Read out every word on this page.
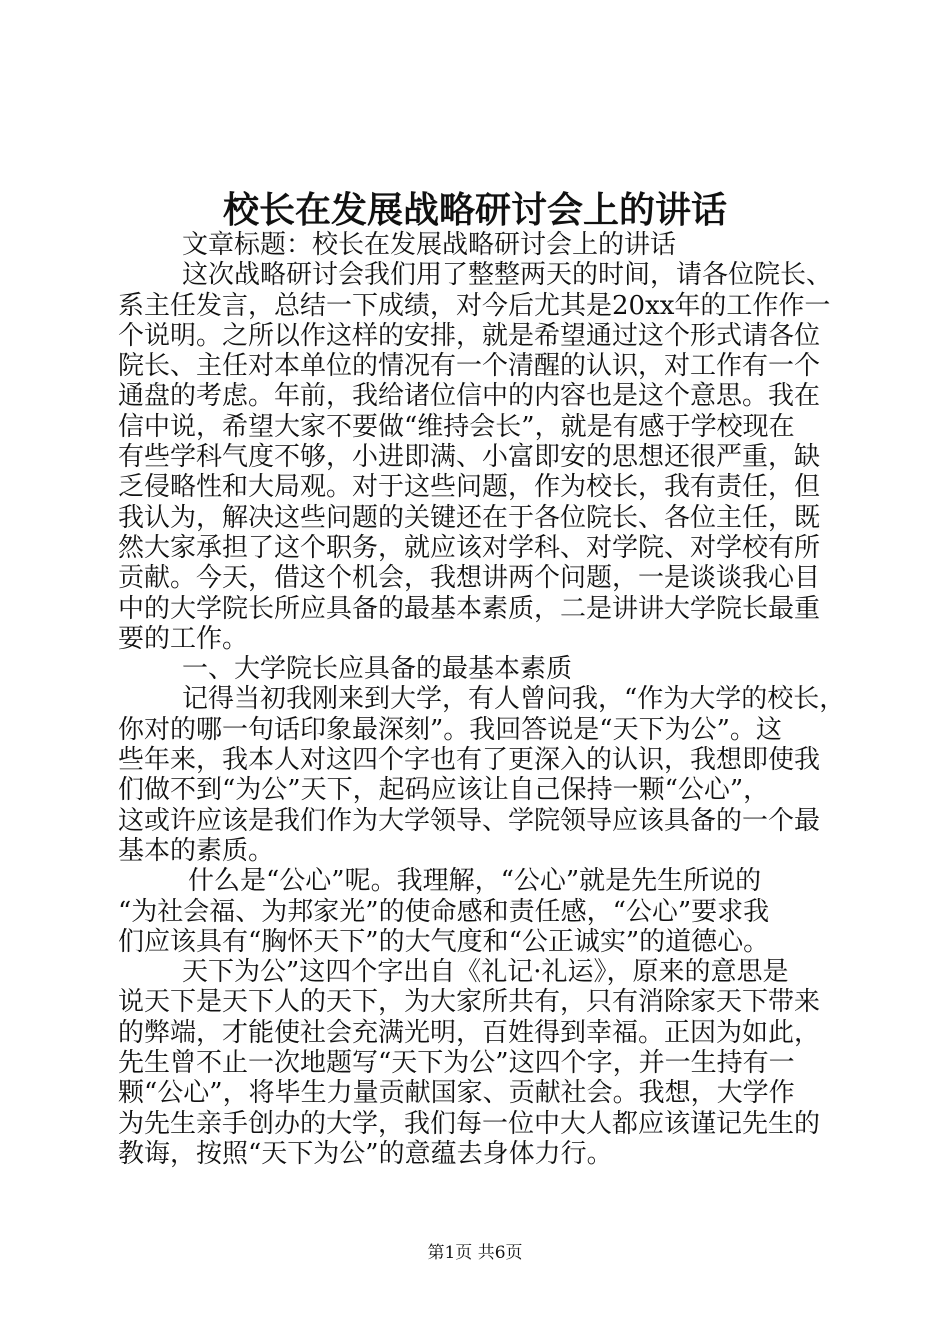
校长在发展战略研讨会上的讲话
文章标题：校长在发展战略研讨会上的讲话
这次战略研讨会我们用了整整两天的时间，请各位院长、
系主任发言，总结一下成绩，对今后尤其是20xx年的工作作一
个说明。之所以作这样的安排，就是希望通过这个形式请各位
院长、主任对本单位的情况有一个清醒的认识，对工作有一个
通盘的考虑。年前，我给诸位信中的内容也是这个意思。我在
信中说，希望大家不要做“维持会长”，就是有感于学校现在
有些学科气度不够，小进即满、小富即安的思想还很严重，缺
乏侵略性和大局观。对于这些问题，作为校长，我有责任，但
我认为，解决这些问题的关键还在于各位院长、各位主任，既
然大家承担了这个职务，就应该对学科、对学院、对学校有所
贡献。今天，借这个机会，我想讲两个问题，一是谈谈我心目
中的大学院长所应具备的最基本素质，二是讲讲大学院长最重
要的工作。
一、大学院长应具备的最基本素质
记得当初我刚来到大学，有人曾问我，“作为大学的校长，
你对的哪一句话印象最深刻”。我回答说是“天下为公”。这
些年来，我本人对这四个字也有了更深入的认识，我想即使我
们做不到“为公”天下，起码应该让自己保持一颗“公心”，
这或许应该是我们作为大学领导、学院领导应该具备的一个最
基本的素质。
什么是“公心”呢。我理解，“公心”就是先生所说的
“为社会福、为邦家光”的使命感和责任感，“公心”要求我
们应该具有“胸怀天下”的大气度和“公正诚实”的道德心。
天下为公”这四个字出自《礼记·礼运》，原来的意思是
说天下是天下人的天下，为大家所共有，只有消除家天下带来
的弊端，才能使社会充满光明，百姓得到幸福。正因为如此，
先生曾不止一次地题写“天下为公”这四个字，并一生持有一
颗“公心”，将毕生力量贡献国家、贡献社会。我想，大学作
为先生亲手创办的大学，我们每一位中大人都应该谨记先生的
教诲，按照“天下为公”的意蕴去身体力行。
第1页 共6页
